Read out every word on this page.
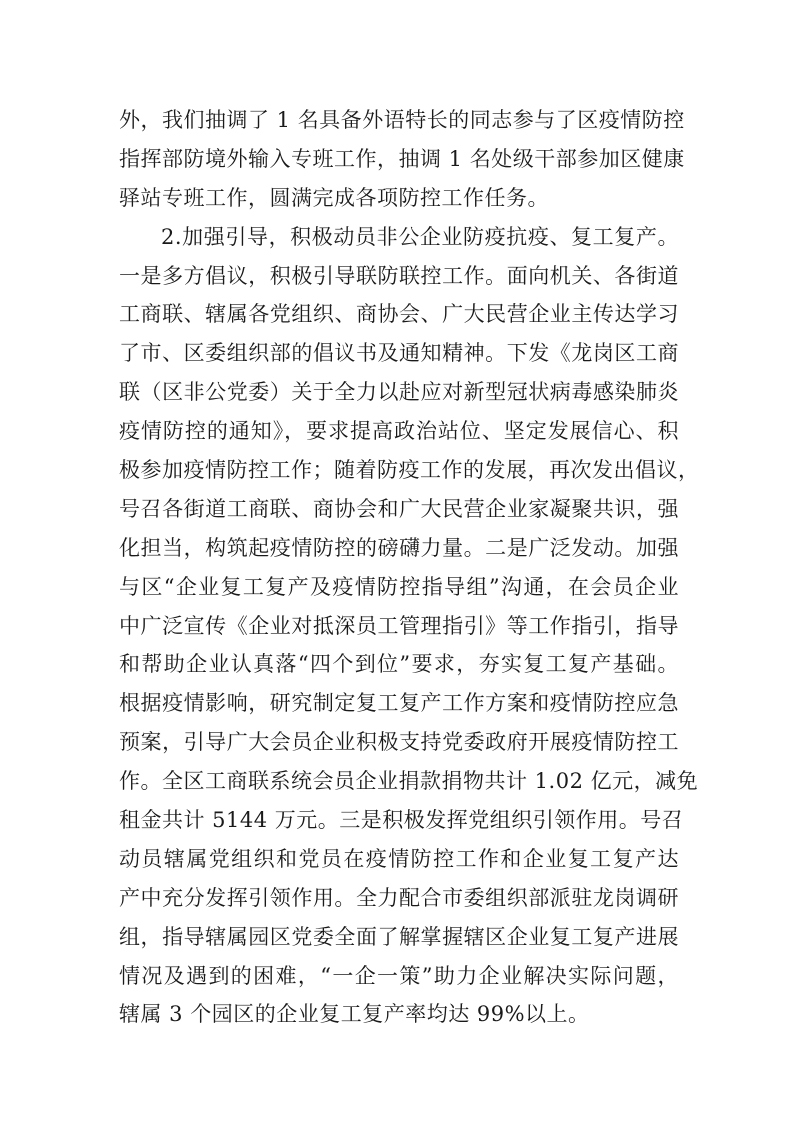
外，我们抽调了 1 名具备外语特长的同志参与了区疫情防控
指挥部防境外输入专班工作，抽调 1 名处级干部参加区健康
驿站专班工作，圆满完成各项防控工作任务。
2.加强引导，积极动员非公企业防疫抗疫、复工复产。
一是多方倡议，积极引导联防联控工作。面向机关、各街道
工商联、辖属各党组织、商协会、广大民营企业主传达学习
了市、区委组织部的倡议书及通知精神。下发《龙岗区工商
联（区非公党委）关于全力以赴应对新型冠状病毒感染肺炎
疫情防控的通知》，要求提高政治站位、坚定发展信心、积
极参加疫情防控工作；随着防疫工作的发展，再次发出倡议，
号召各街道工商联、商协会和广大民营企业家凝聚共识，强
化担当，构筑起疫情防控的磅礴力量。二是广泛发动。加强
与区“企业复工复产及疫情防控指导组”沟通，在会员企业
中广泛宣传《企业对抵深员工管理指引》等工作指引，指导
和帮助企业认真落“四个到位”要求，夯实复工复产基础。
根据疫情影响，研究制定复工复产工作方案和疫情防控应急
预案，引导广大会员企业积极支持党委政府开展疫情防控工
作。全区工商联系统会员企业捐款捐物共计 1.02 亿元，减免
租金共计 5144 万元。三是积极发挥党组织引领作用。号召
动员辖属党组织和党员在疫情防控工作和企业复工复产达
产中充分发挥引领作用。全力配合市委组织部派驻龙岗调研
组，指导辖属园区党委全面了解掌握辖区企业复工复产进展
情况及遇到的困难，“一企一策”助力企业解决实际问题，
辖属 3 个园区的企业复工复产率均达 99%以上。
